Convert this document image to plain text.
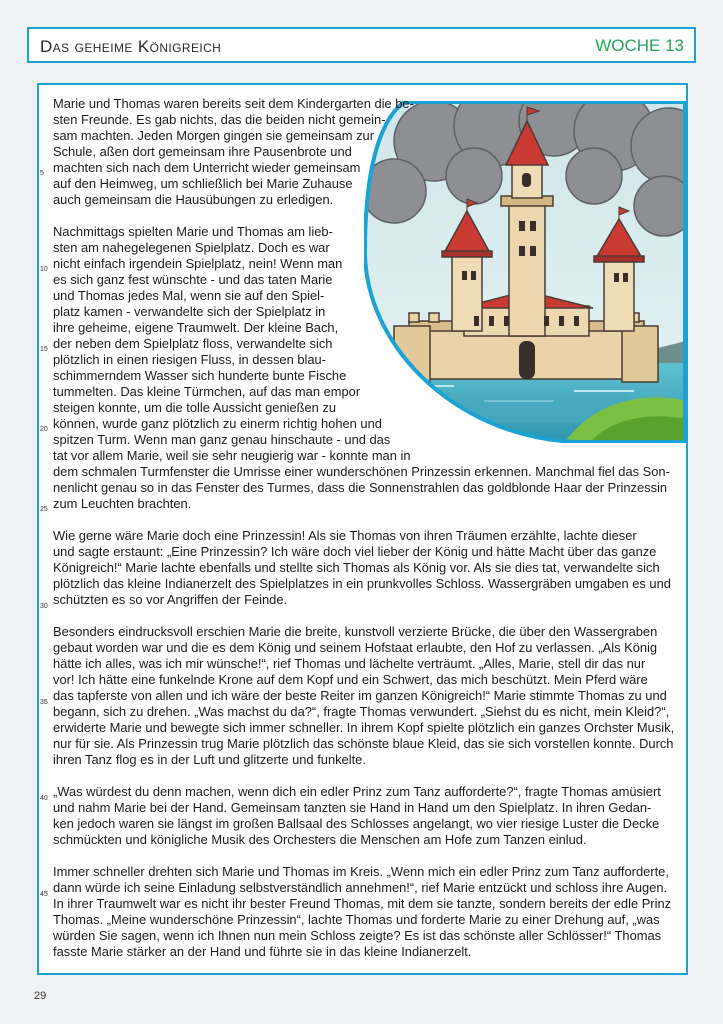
Das geheime Königreich	WOCHE 13
5
10
15
20
25
30
35
40
45
Marie und Thomas waren bereits seit dem Kindergarten die be-
sten Freunde. Es gab nichts, das die beiden nicht gemein-
sam machten. Jeden Morgen gingen sie gemeinsam zur
Schule, aßen dort gemeinsam ihre Pausenbrote und
machten sich nach dem Unterricht wieder gemeinsam
auf den Heimweg, um schließlich bei Marie Zuhause
auch gemeinsam die Hausübungen zu erledigen.
Nachmittags spielten Marie und Thomas am lieb-
sten am nahegelegenen Spielplatz. Doch es war
nicht einfach irgendein Spielplatz, nein! Wenn man
es sich ganz fest wünschte - und das taten Marie
und Thomas jedes Mal, wenn sie auf den Spiel-
platz kamen - verwandelte sich der Spielplatz in
ihre geheime, eigene Traumwelt. Der kleine Bach,
der neben dem Spielplatz floss, verwandelte sich
plötzlich in einen riesigen Fluss, in dessen blau-
schimmerndem Wasser sich hunderte bunte Fische
tummelten. Das kleine Türmchen, auf das man empor
steigen konnte, um die tolle Aussicht genießen zu
können, wurde ganz plötzlich zu einerm richtig hohen und
spitzen Turm. Wenn man ganz genau hinschaute - und das
tat vor allem Marie, weil sie sehr neugierig war - konnte man in
dem schmalen Turmfenster die Umrisse einer wunderschönen Prinzessin erkennen. Manchmal fiel das Son-
nenlicht genau so in das Fenster des Turmes, dass die Sonnenstrahlen das goldblonde Haar der Prinzessin
zum Leuchten brachten.
Wie gerne wäre Marie doch eine Prinzessin! Als sie Thomas von ihren Träumen erzählte, lachte dieser
und sagte erstaunt: „Eine Prinzessin? Ich wäre doch viel lieber der König und hätte Macht über das ganze
Königreich!“ Marie lachte ebenfalls und stellte sich Thomas als König vor. Als sie dies tat, verwandelte sich
plötzlich das kleine Indianerzelt des Spielplatzes in ein prunkvolles Schloss. Wassergräben umgaben es und
schützten es so vor Angriffen der Feinde.
Besonders eindrucksvoll erschien Marie die breite, kunstvoll verzierte Brücke, die über den Wassergraben
gebaut worden war und die es dem König und seinem Hofstaat erlaubte, den Hof zu verlassen. „Als König
hätte ich alles, was ich mir wünsche!“, rief Thomas und lächelte verträumt. „Alles, Marie, stell dir das nur
vor! Ich hätte eine funkelnde Krone auf dem Kopf und ein Schwert, das mich beschützt. Mein Pferd wäre
das tapferste von allen und ich wäre der beste Reiter im ganzen Königreich!“ Marie stimmte Thomas zu und
begann, sich zu drehen. „Was machst du da?“, fragte Thomas verwundert. „Siehst du es nicht, mein Kleid?“,
erwiderte Marie und bewegte sich immer schneller. In ihrem Kopf spielte plötzlich ein ganzes Orchster Musik,
nur für sie. Als Prinzessin trug Marie plötzlich das schönste blaue Kleid, das sie sich vorstellen konnte. Durch
ihren Tanz flog es in der Luft und glitzerte und funkelte.
„Was würdest du denn machen, wenn dich ein edler Prinz zum Tanz aufforderte?“, fragte Thomas amüsiert
und nahm Marie bei der Hand. Gemeinsam tanzten sie Hand in Hand um den Spielplatz. In ihren Gedan-
ken jedoch waren sie längst im großen Ballsaal des Schlosses angelangt, wo vier riesige Luster die Decke
schmückten und königliche Musik des Orchesters die Menschen am Hofe zum Tanzen einlud.
Immer schneller drehten sich Marie und Thomas im Kreis. „Wenn mich ein edler Prinz zum Tanz aufforderte,
dann würde ich seine Einladung selbstverständlich annehmen!“, rief Marie entzückt und schloss ihre Augen.
In ihrer Traumwelt war es nicht ihr bester Freund Thomas, mit dem sie tanzte, sondern bereits der edle Prinz
Thomas. „Meine wunderschöne Prinzessin“, lachte Thomas und forderte Marie zu einer Drehung auf, „was
würden Sie sagen, wenn ich Ihnen nun mein Schloss zeigte? Es ist das schönste aller Schlösser!“ Thomas
fasste Marie stärker an der Hand und führte sie in das kleine Indianerzelt.
29
